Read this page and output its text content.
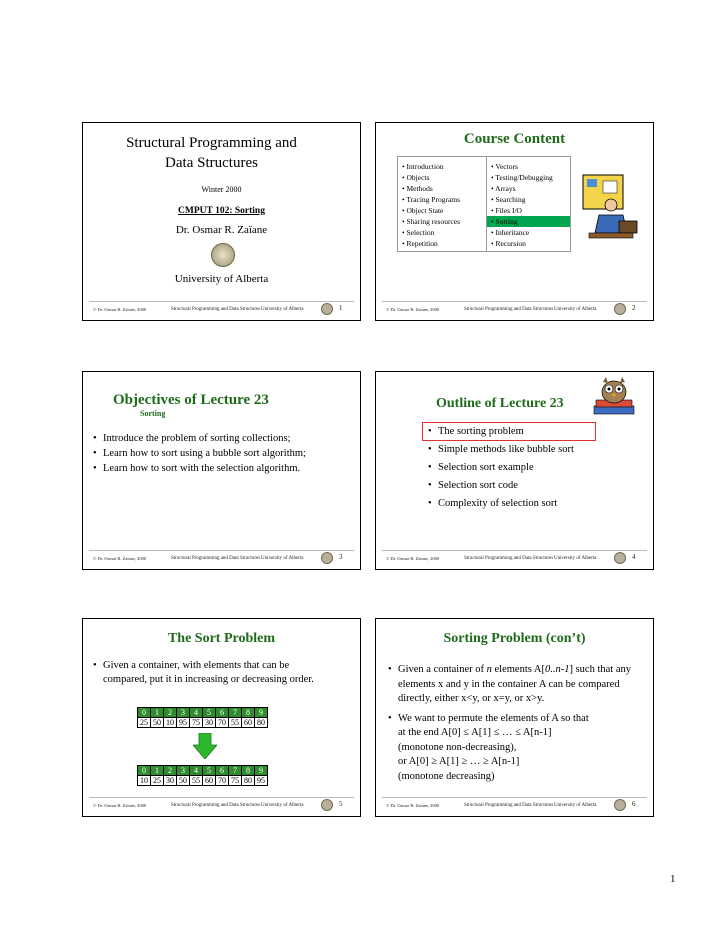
Structural Programming and Data Structures
Winter 2000
CMPUT 102: Sorting
Dr. Osmar R. Zaïane
University of Alberta
© Dr. Osmar R. Zaïane, 2000	Structural Programming and Data Structures University of Alberta	1
Course Content
• Introduction
• Objects
• Methods
• Tracing Programs
• Object State
• Sharing resources
• Selection
• Repetition
• Vectors
• Testing/Debugging
• Arrays
• Searching
• Files I/O
• Sorting
• Inheritance
• Recursion
© Dr. Osmar R. Zaïane, 2000	Structural Programming and Data Structures University of Alberta	2
Objectives of Lecture 23
Sorting
• Introduce the problem of sorting collections;
• Learn how to sort using a bubble sort algorithm;
• Learn how to sort with the selection algorithm.
© Dr. Osmar R. Zaïane, 2000	Structural Programming and Data Structures University of Alberta	3
Outline of Lecture 23
• The sorting problem
• Simple methods like bubble sort
• Selection sort example
• Selection sort code
• Complexity of selection sort
© Dr. Osmar R. Zaïane, 2000	Structural Programming and Data Structures University of Alberta	4
The Sort Problem
• Given a container, with elements that can be compared, put it in increasing or decreasing order.
0	1	2	3	4	5	6	7	8	9
25	50	10	95	75	30	70	55	60	80
0	1	2	3	4	5	6	7	8	9
10	25	30	50	55	60	70	75	80	95
© Dr. Osmar R. Zaïane, 2000	Structural Programming and Data Structures University of Alberta	5
Sorting Problem (con’t)
• Given a container of n elements A[0..n-1] such that any elements x and y in the container A can be compared directly, either x<y, or x=y, or x>y.
• We want to permute the elements of A so that
at the end A[0] ≤ A[1] ≤ … ≤ A[n-1]
(monotone non-decreasing),
or A[0] ≥ A[1] ≥ … ≥ A[n-1]
(monotone decreasing)
© Dr. Osmar R. Zaïane, 2000	Structural Programming and Data Structures University of Alberta	6
1
